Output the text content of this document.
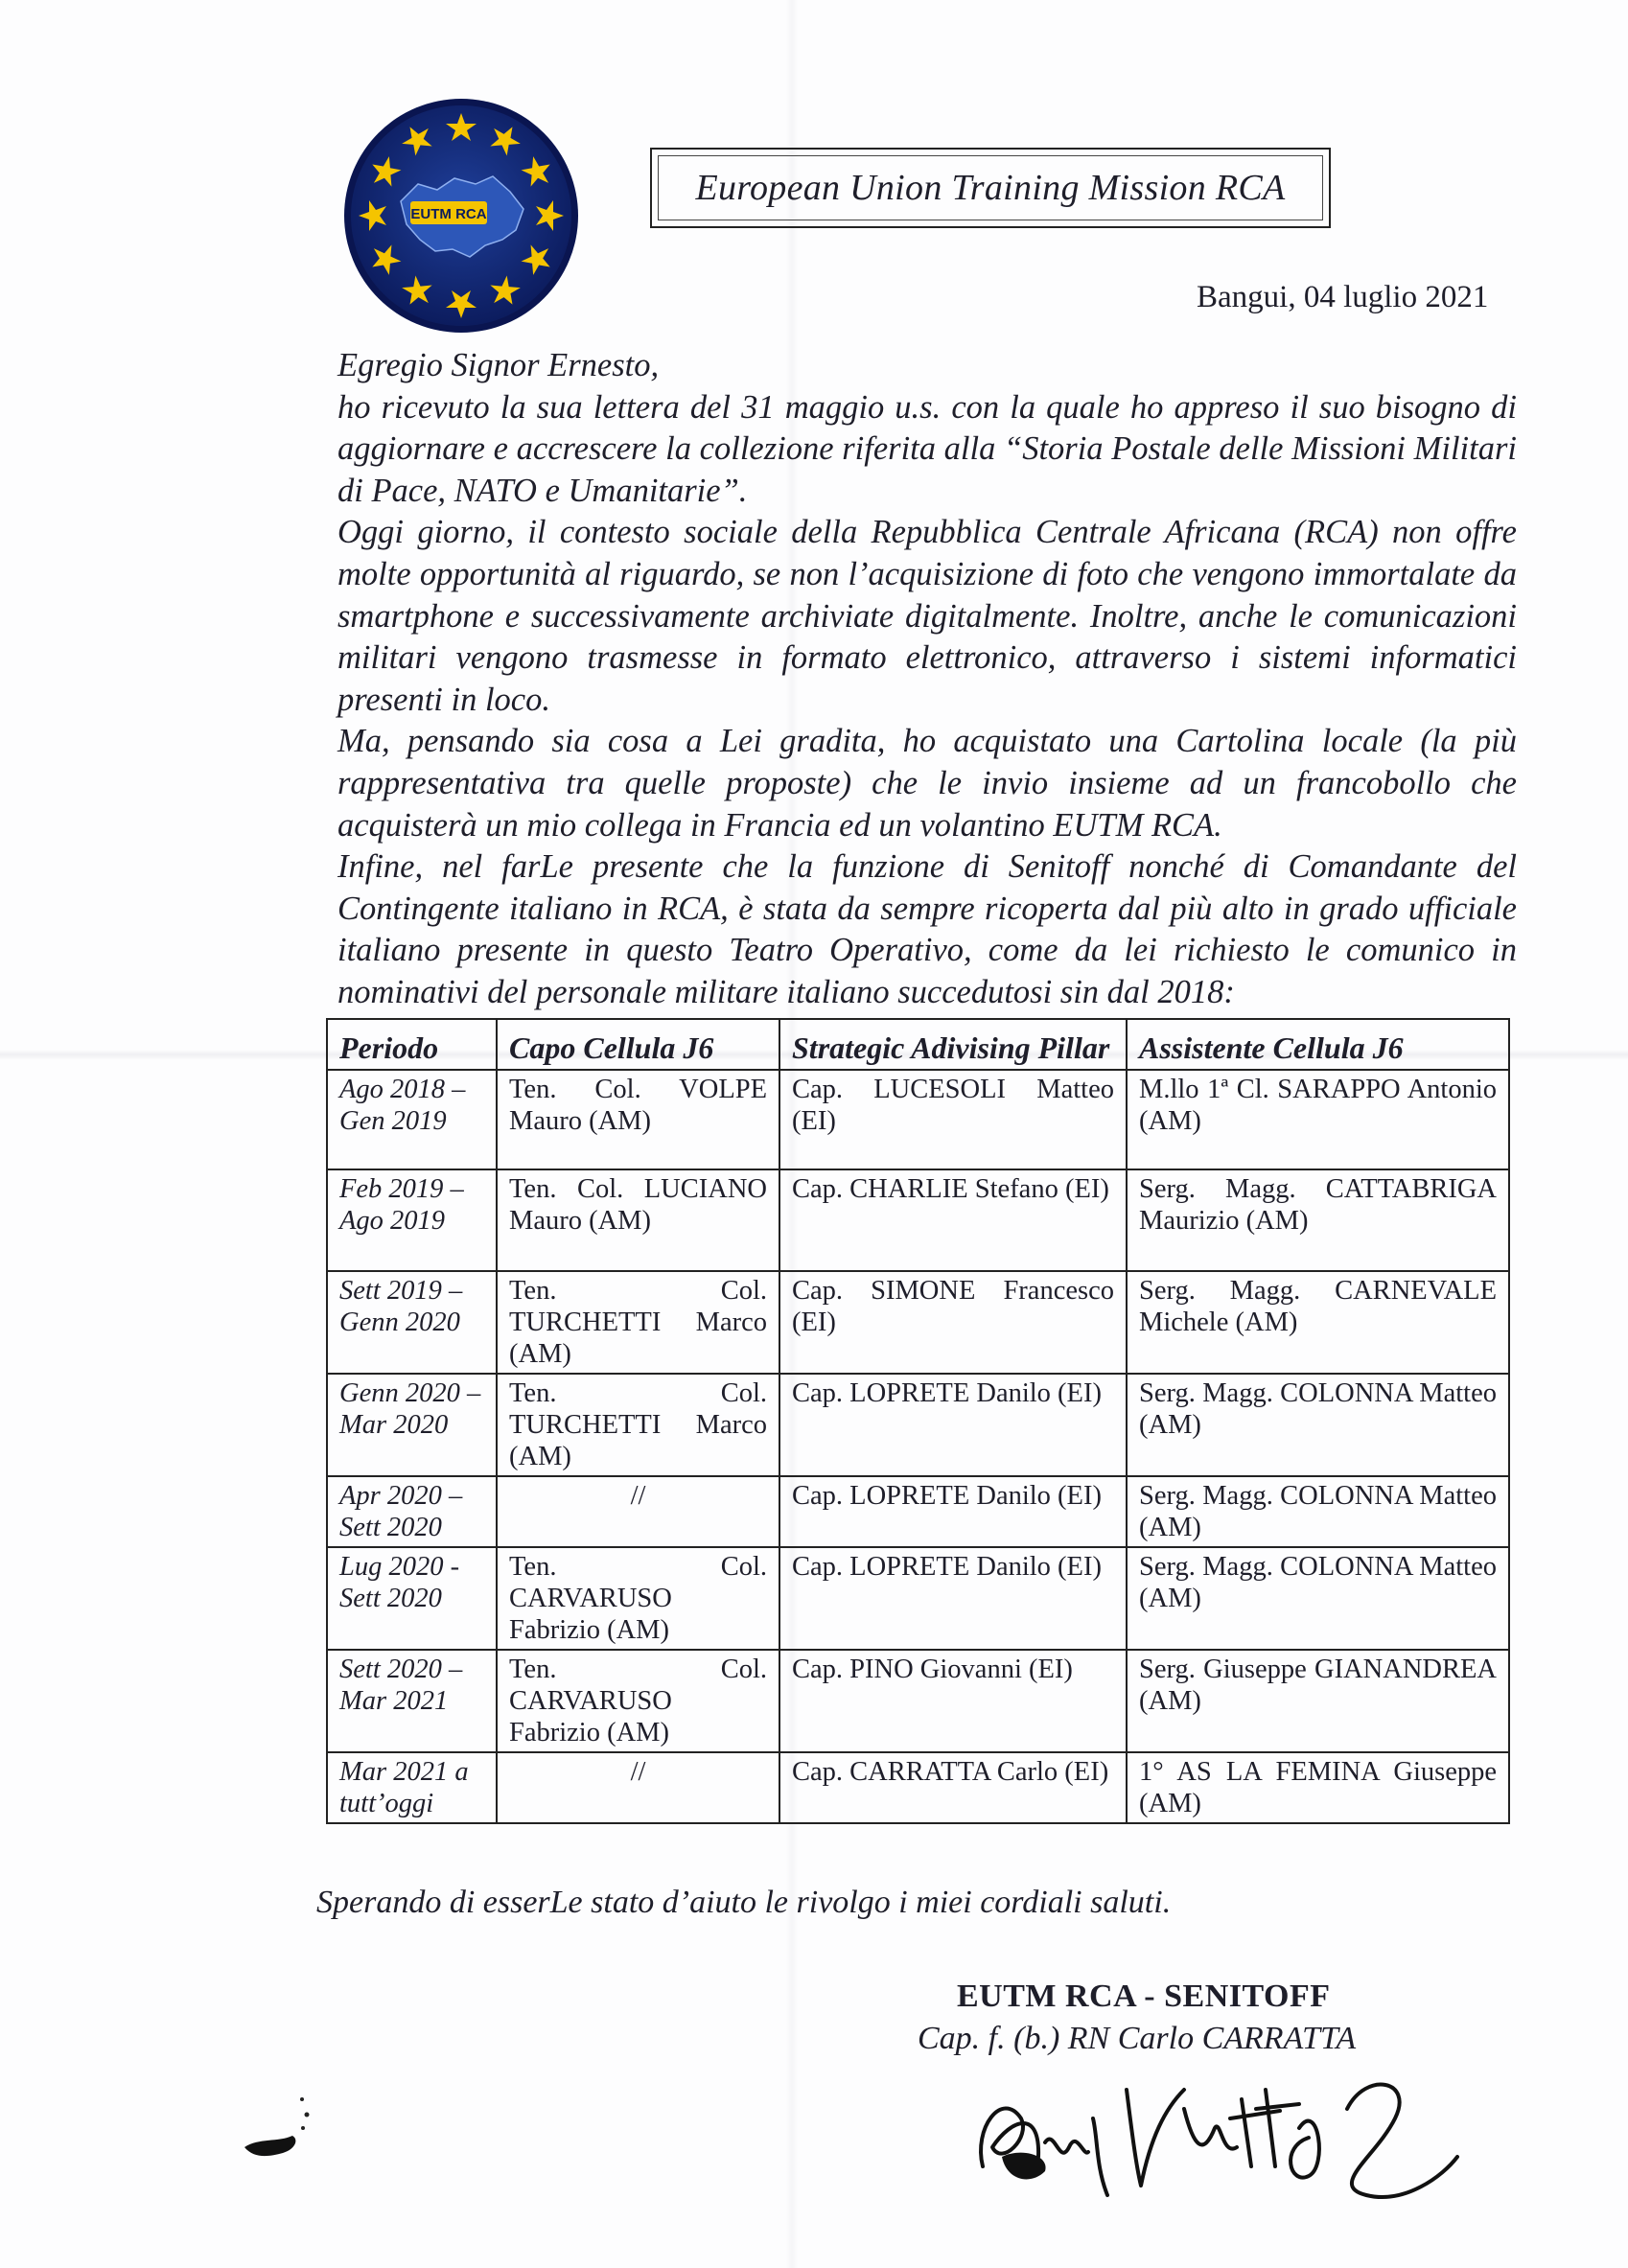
EUTM RCA
European Union Training Mission RCA
Bangui, 04 luglio 2021

Egregio Signor Ernesto,

ho ricevuto la sua lettera del 31 maggio u.s. con la quale ho appreso il suo bisogno di aggiornare e accrescere la collezione riferita alla “Storia Postale delle Missioni Militari di Pace, NATO e Umanitarie”.

Oggi giorno, il contesto sociale della Repubblica Centrale Africana (RCA) non offre molte opportunità al riguardo, se non l’acquisizione di foto che vengono immortalate da smartphone e successivamente archiviate digitalmente. Inoltre, anche le comunicazioni militari vengono trasmesse in formato elettronico, attraverso i sistemi informatici presenti in loco.

Ma, pensando sia cosa a Lei gradita, ho acquistato una Cartolina locale (la più rappresentativa tra quelle proposte) che le invio insieme ad un francobollo che acquisterà un mio collega in Francia ed un volantino EUTM RCA.

Infine, nel farLe presente che la funzione di Senitoff nonché di Comandante del Contingente italiano in RCA, è stata da sempre ricoperta dal più alto in grado ufficiale italiano presente in questo Teatro Operativo, come da lei richiesto le comunico in nominativi del personale militare italiano succedutosi sin dal 2018:

Periodo	Capo Cellula J6	Strategic Adivising Pillar	Assistente Cellula J6
Ago 2018 – Gen 2019	Ten. Col. VOLPE Mauro (AM)	Cap. LUCESOLI Matteo (EI)	M.llo 1ª Cl. SARAPPO Antonio (AM)
Feb 2019 – Ago 2019	Ten. Col. LUCIANO Mauro (AM)	Cap. CHARLIE Stefano (EI)	Serg. Magg. CATTABRIGA Maurizio (AM)
Sett 2019 – Genn 2020	Ten. Col. TURCHETTI Marco (AM)	Cap. SIMONE Francesco (EI)	Serg. Magg. CARNEVALE Michele (AM)
Genn 2020 – Mar 2020	Ten. Col. TURCHETTI Marco (AM)	Cap. LOPRETE Danilo (EI)	Serg. Magg. COLONNA Matteo (AM)
Apr 2020 – Sett 2020	//	Cap. LOPRETE Danilo (EI)	Serg. Magg. COLONNA Matteo (AM)
Lug 2020 - Sett 2020	Ten. Col. CARVARUSO Fabrizio (AM)	Cap. LOPRETE Danilo (EI)	Serg. Magg. COLONNA Matteo (AM)
Sett 2020 – Mar 2021	Ten. Col. CARVARUSO Fabrizio (AM)	Cap. PINO Giovanni (EI)	Serg. Giuseppe GIANANDREA (AM)
Mar 2021 a tutt’oggi	//	Cap. CARRATTA Carlo (EI)	1° AS LA FEMINA Giuseppe (AM)
Sperando di esserLe stato d’aiuto le rivolgo i miei cordiali saluti.
EUTM RCA - SENITOFF
Cap. f. (b.) RN Carlo CARRATTA
